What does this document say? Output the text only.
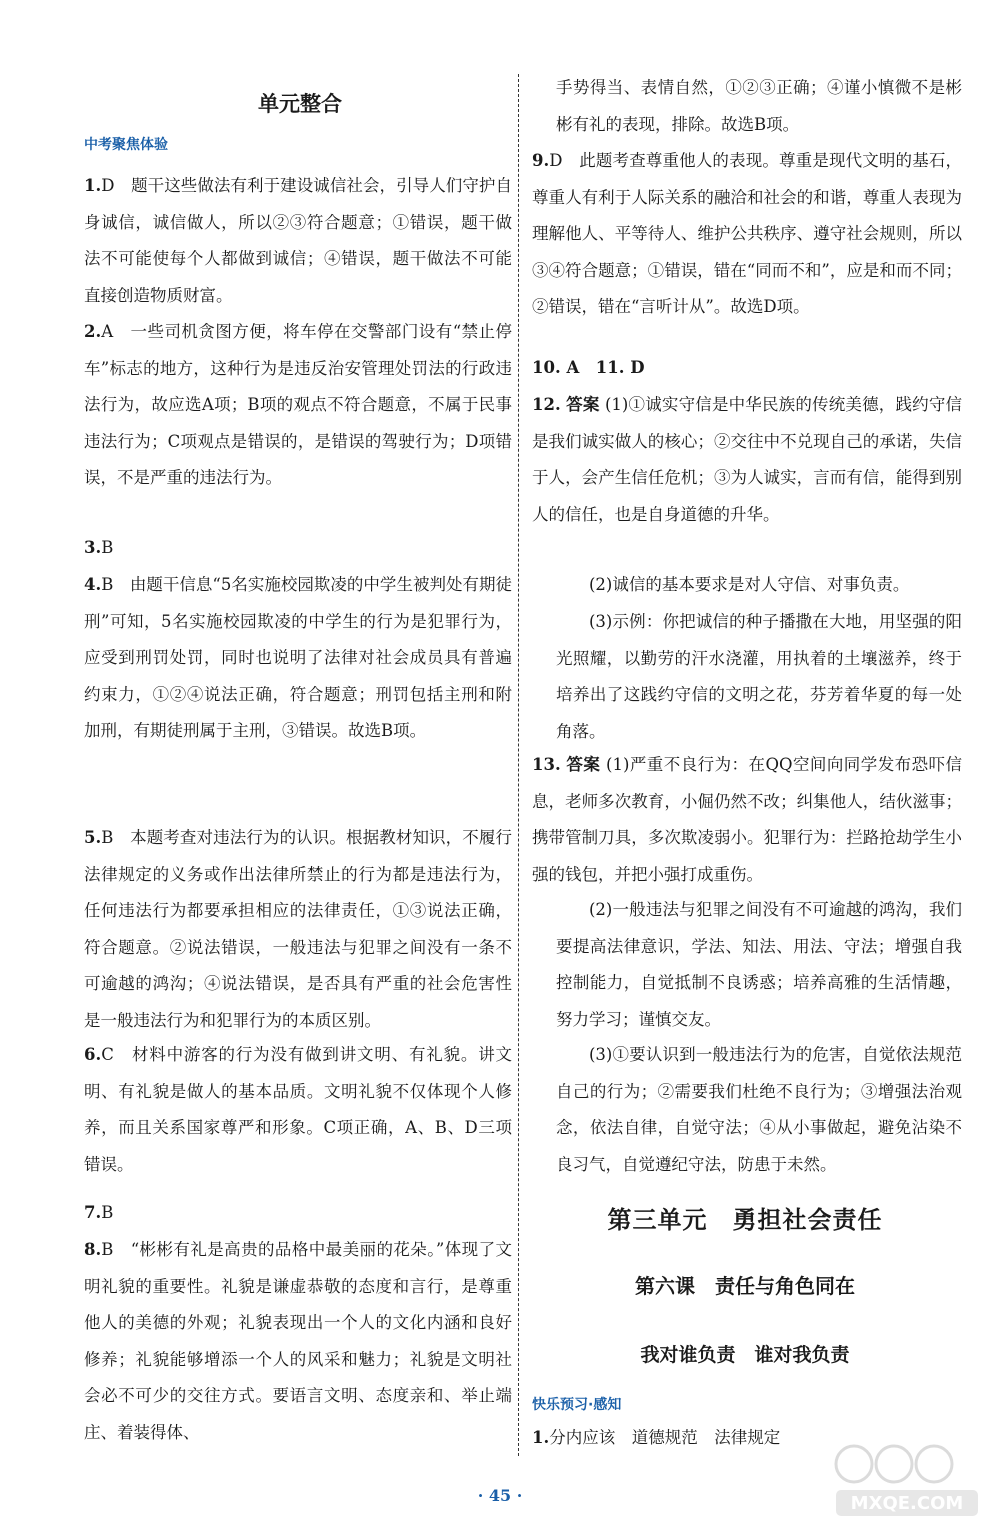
单元整合
中考聚焦体验
1.D　题干这些做法有利于建设诚信社会，引导人们守护自身诚信，诚信做人，所以②③符合题意；①错误，题干做法不可能使每个人都做到诚信；④错误，题干做法不可能直接创造物质财富。
2.A　一些司机贪图方便，将车停在交警部门设有“禁止停车”标志的地方，这种行为是违反治安管理处罚法的行政违法行为，故应选A项；B项的观点不符合题意，不属于民事违法行为；C项观点是错误的，是错误的驾驶行为；D项错误，不是严重的违法行为。
3.B
4.B　由题干信息“5名实施校园欺凌的中学生被判处有期徒刑”可知，5名实施校园欺凌的中学生的行为是犯罪行为，应受到刑罚处罚，同时也说明了法律对社会成员具有普遍约束力，①②④说法正确，符合题意；刑罚包括主刑和附加刑，有期徒刑属于主刑，③错误。故选B项。
5.B　本题考查对违法行为的认识。根据教材知识，不履行法律规定的义务或作出法律所禁止的行为都是违法行为，任何违法行为都要承担相应的法律责任，①③说法正确，符合题意。②说法错误，一般违法与犯罪之间没有一条不可逾越的鸿沟；④说法错误，是否具有严重的社会危害性是一般违法行为和犯罪行为的本质区别。
6.C　材料中游客的行为没有做到讲文明、有礼貌。讲文明、有礼貌是做人的基本品质。文明礼貌不仅体现个人修养，而且关系国家尊严和形象。C项正确，A、B、D三项错误。
7.B
8.B　“彬彬有礼是高贵的品格中最美丽的花朵。”体现了文明礼貌的重要性。礼貌是谦虚恭敬的态度和言行，是尊重他人的美德的外观；礼貌表现出一个人的文化内涵和良好修养；礼貌能够增添一个人的风采和魅力；礼貌是文明社会必不可少的交往方式。要语言文明、态度亲和、举止端庄、着装得体、
手势得当、表情自然，①②③正确；④谨小慎微不是彬彬有礼的表现，排除。故选B项。
9.D　此题考查尊重他人的表现。尊重是现代文明的基石，尊重人有利于人际关系的融洽和社会的和谐，尊重人表现为理解他人、平等待人、维护公共秩序、遵守社会规则，所以③④符合题意；①错误，错在“同而不和”，应是和而不同；②错误，错在“言听计从”。故选D项。
10. A　11. D
12. 答案 (1)①诚实守信是中华民族的传统美德，践约守信是我们诚实做人的核心；②交往中不兑现自己的承诺，失信于人，会产生信任危机；③为人诚实，言而有信，能得到别人的信任，也是自身道德的升华。
(2)诚信的基本要求是对人守信、对事负责。
(3)示例：你把诚信的种子播撒在大地，用坚强的阳光照耀，以勤劳的汗水浇灌，用执着的土壤滋养，终于培养出了这践约守信的文明之花，芬芳着华夏的每一处角落。
13. 答案 (1)严重不良行为：在QQ空间向同学发布恐吓信息，老师多次教育，小倔仍然不改；纠集他人，结伙滋事；携带管制刀具，多次欺凌弱小。犯罪行为：拦路抢劫学生小强的钱包，并把小强打成重伤。
(2)一般违法与犯罪之间没有不可逾越的鸿沟，我们要提高法律意识，学法、知法、用法、守法；增强自我控制能力，自觉抵制不良诱惑；培养高雅的生活情趣，努力学习；谨慎交友。
(3)①要认识到一般违法行为的危害，自觉依法规范自己的行为；②需要我们杜绝不良行为；③增强法治观念，依法自律，自觉守法；④从小事做起，避免沾染不良习气，自觉遵纪守法，防患于未然。
第三单元　勇担社会责任
第六课　责任与角色同在
我对谁负责　谁对我负责
快乐预习·感知
1.分内应该　道德规范　法律规定
· 45 ·	MXQE.COM
